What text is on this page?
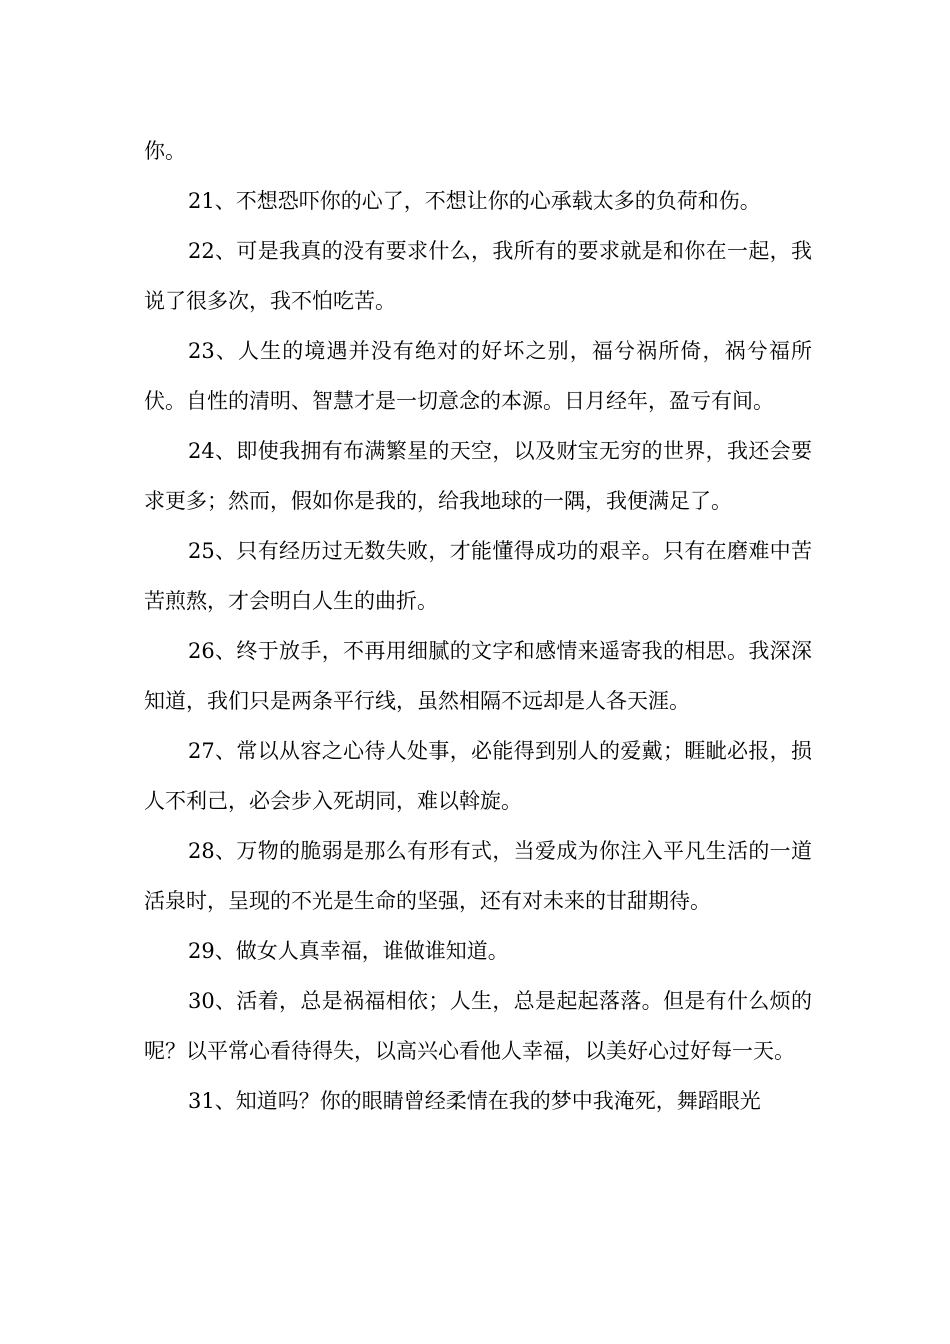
你。

21、不想恐吓你的心了，不想让你的心承载太多的负荷和伤。

22、可是我真的没有要求什么，我所有的要求就是和你在一起，我说了很多次，我不怕吃苦。

23、人生的境遇并没有绝对的好坏之别，福兮祸所倚，祸兮福所伏。自性的清明、智慧才是一切意念的本源。日月经年，盈亏有间。

24、即使我拥有布满繁星的天空，以及财宝无穷的世界，我还会要求更多；然而，假如你是我的，给我地球的一隅，我便满足了。

25、只有经历过无数失败，才能懂得成功的艰辛。只有在磨难中苦苦煎熬，才会明白人生的曲折。

26、终于放手，不再用细腻的文字和感情来遥寄我的相思。我深深知道，我们只是两条平行线，虽然相隔不远却是人各天涯。

27、常以从容之心待人处事，必能得到别人的爱戴；睚眦必报，损人不利己，必会步入死胡同，难以斡旋。

28、万物的脆弱是那么有形有式，当爱成为你注入平凡生活的一道活泉时，呈现的不光是生命的坚强，还有对未来的甘甜期待。

29、做女人真幸福，谁做谁知道。

30、活着，总是祸福相依；人生，总是起起落落。但是有什么烦的呢？以平常心看待得失，以高兴心看他人幸福，以美好心过好每一天。

31、知道吗？你的眼睛曾经柔情在我的梦中我淹死，舞蹈眼光
